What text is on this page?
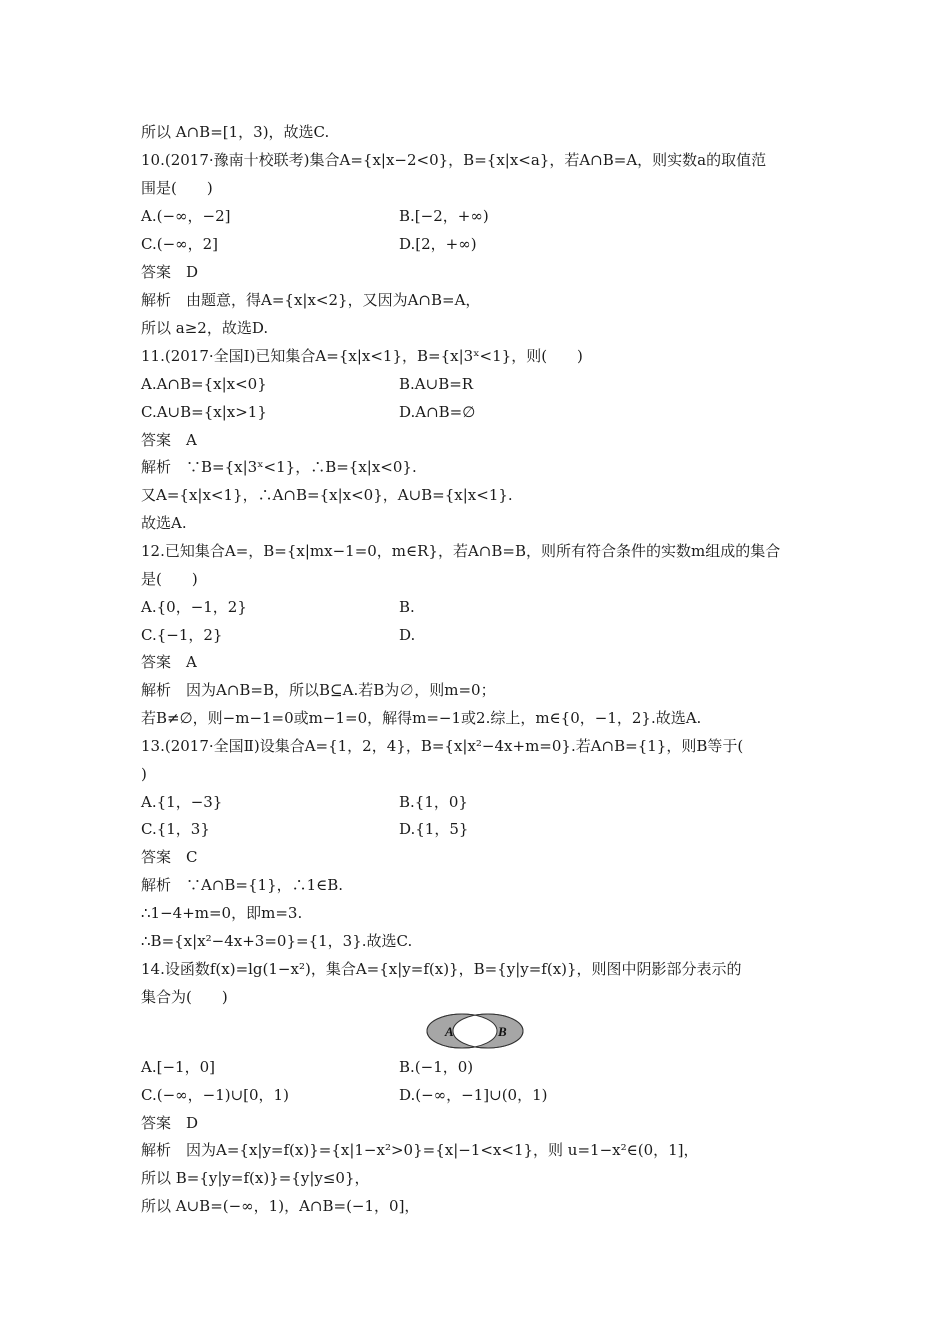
所以 A∩B=[1，3)，故选C.
10.(2017·豫南十校联考)集合A={x|x−2<0}，B={x|x<a}，若A∩B=A，则实数a的取值范
围是(　　)
A.(−∞，−2]	B.[−2，+∞)
C.(−∞，2]	D.[2，+∞)
答案　D
解析　由题意，得A={x|x<2}，又因为A∩B=A，
所以 a≥2，故选D.
11.(2017·全国Ⅰ)已知集合A={x|x<1}，B={x|3ˣ<1}，则(　　)
A.A∩B={x|x<0}	B.A∪B=R
C.A∪B={x|x>1}	D.A∩B=∅
答案　A
解析　∵B={x|3ˣ<1}，∴B={x|x<0}.
又A={x|x<1}，∴A∩B={x|x<0}，A∪B={x|x<1}.
故选A.
12.已知集合A=，B={x|mx−1=0，m∈R}，若A∩B=B，则所有符合条件的实数m组成的集合
是(　　)
A.{0，−1，2}	B.
C.{−1，2}	D.
答案　A
解析　因为A∩B=B，所以B⊆A.若B为∅，则m=0；
若B≠∅，则−m−1=0或m−1=0，解得m=−1或2.综上，m∈{0，−1，2}.故选A.
13.(2017·全国Ⅱ)设集合A={1，2，4}，B={x|x²−4x+m=0}.若A∩B={1}，则B等于(
)
A.{1，−3}	B.{1，0}
C.{1，3}	D.{1，5}
答案　C
解析　∵A∩B={1}，∴1∈B.
∴1−4+m=0，即m=3.
∴B={x|x²−4x+3=0}={1，3}.故选C.
14.设函数f(x)=lg(1−x²)，集合A={x|y=f(x)}，B={y|y=f(x)}，则图中阴影部分表示的
集合为(　　)
A	B
A.[−1，0]	B.(−1，0)
C.(−∞，−1)∪[0，1)	D.(−∞，−1]∪(0，1)
答案　D
解析　因为A={x|y=f(x)}={x|1−x²>0}={x|−1<x<1}，则 u=1−x²∈(0，1]，
所以 B={y|y=f(x)}={y|y≤0}，
所以 A∪B=(−∞，1)，A∩B=(−1，0]，
